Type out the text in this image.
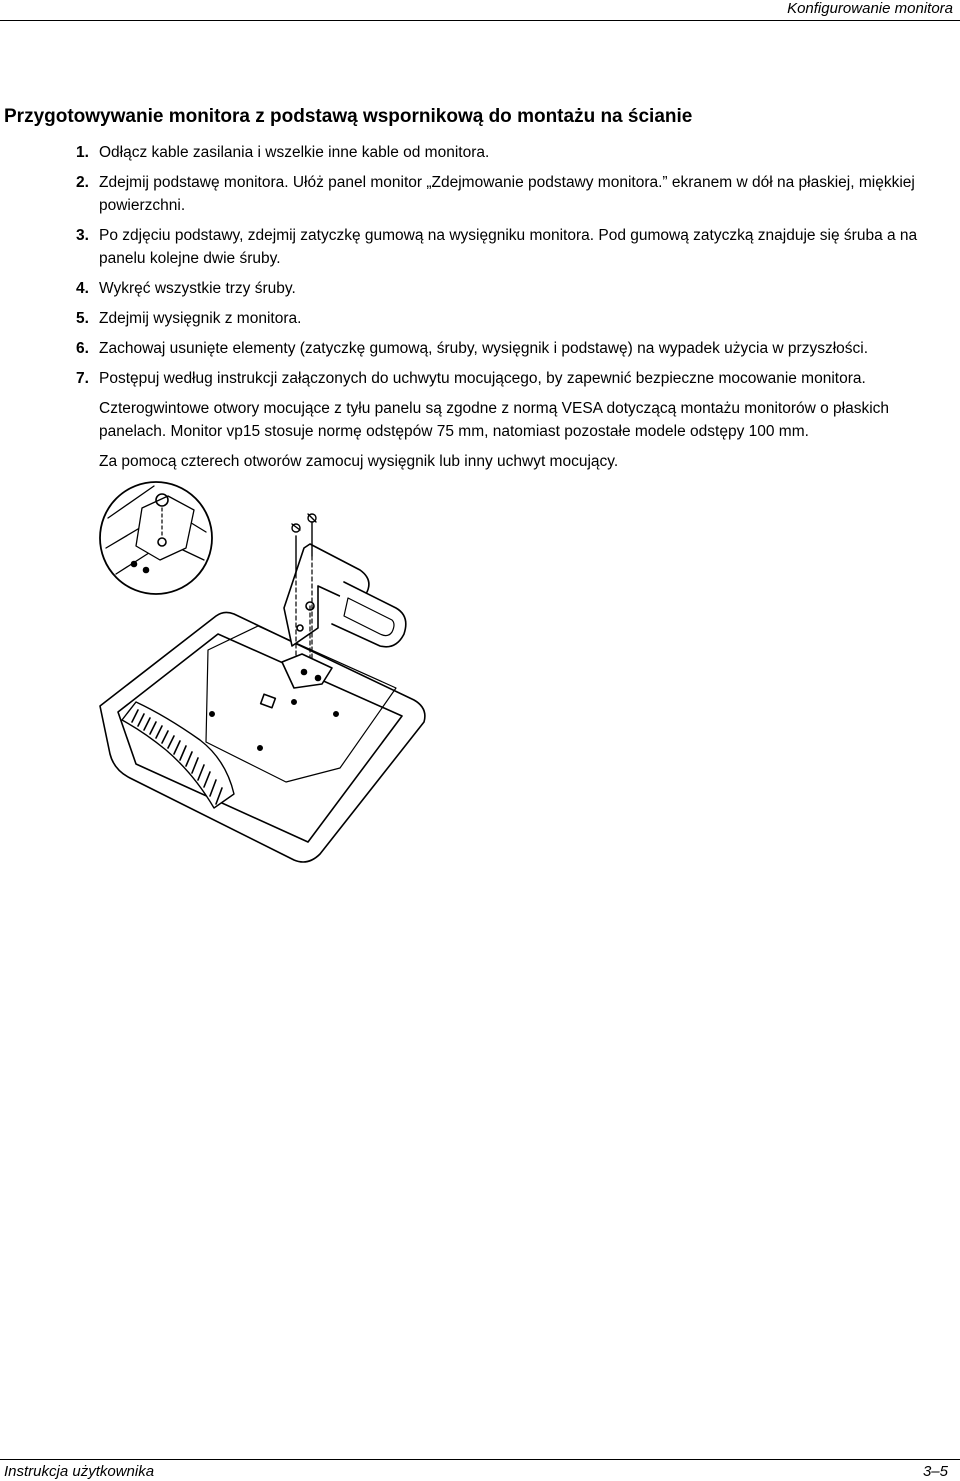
Konfigurowanie monitora
Przygotowywanie monitora z podstawą wspornikową do montażu na ścianie
1. Odłącz kable zasilania i wszelkie inne kable od monitora.
2. Zdejmij podstawę monitora. Ułóż panel monitor „Zdejmowanie podstawy monitora.” ekranem w dół na płaskiej, miękkiej powierzchni.
3. Po zdjęciu podstawy, zdejmij zatyczkę gumową na wysięgniku monitora. Pod gumową zatyczką znajduje się śruba a na panelu kolejne dwie śruby.
4. Wykręć wszystkie trzy śruby.
5. Zdejmij wysięgnik z monitora.
6. Zachowaj usunięte elementy (zatyczkę gumową, śruby, wysięgnik i podstawę) na wypadek użycia w przyszłości.
7. Postępuj według instrukcji załączonych do uchwytu mocującego, by zapewnić bezpieczne mocowanie monitora.
Czterogwintowe otwory mocujące z tyłu panelu są zgodne z normą VESA dotyczącą montażu monitorów o płaskich panelach. Monitor vp15 stosuje normę odstępów 75 mm, natomiast pozostałe modele odstępy 100 mm.
Za pomocą czterech otworów zamocuj wysięgnik lub inny uchwyt mocujący.
Instrukcja użytkownika	3–5
